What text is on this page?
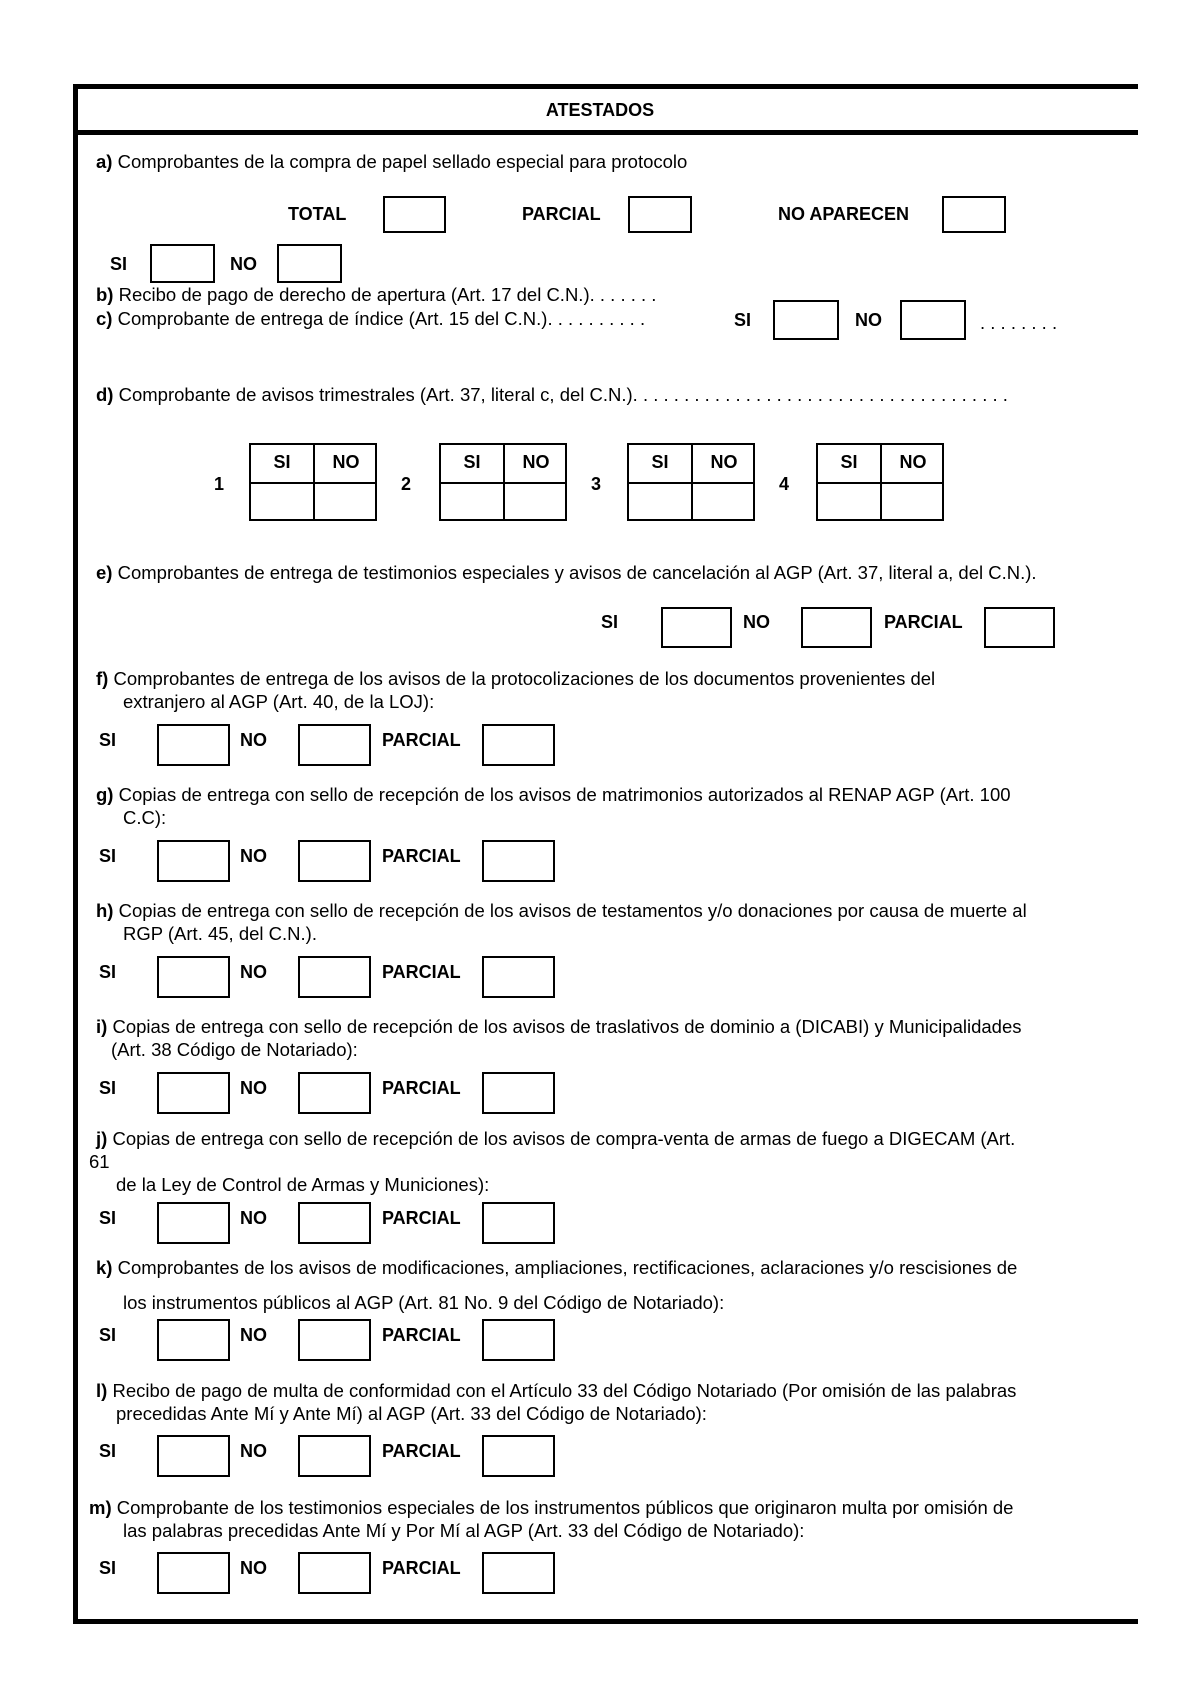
ATESTADOS
a) Comprobantes de la compra de papel sellado especial para protocolo
TOTAL	PARCIAL	NO APARECEN
SI	NO
b) Recibo de pago de derecho de apertura (Art. 17 del C.N.). . . . . . .
c) Comprobante de entrega de índice (Art. 15 del C.N.). . . . . . . . . .	SI	NO	. . . . . . . .
d) Comprobante de avisos trimestrales (Art. 37, literal c, del C.N.). . . . . . . . . . . . . . . . . . . . . . . . . . . . . . . . . . . . .
1
SI	NO
2
SI	NO
3
SI	NO
4
SI	NO
e) Comprobantes de entrega de testimonios especiales y avisos de cancelación al AGP (Art. 37, literal a, del C.N.).
SI	NO	PARCIAL
f) Comprobantes de entrega de los avisos de la protocolizaciones de los documentos provenientes del
extranjero al AGP (Art. 40, de la LOJ):
SI	NO	PARCIAL
g) Copias de entrega con sello de recepción de los avisos de matrimonios autorizados al RENAP AGP (Art. 100
C.C):
SI	NO	PARCIAL
h) Copias de entrega con sello de recepción de los avisos de testamentos y/o donaciones por causa de muerte al
RGP (Art. 45, del C.N.).
SI	NO	PARCIAL
i) Copias de entrega con sello de recepción de los avisos de traslativos de dominio a (DICABI) y Municipalidades
(Art. 38 Código de Notariado):
SI	NO	PARCIAL
j) Copias de entrega con sello de recepción de los avisos de compra-venta de armas de fuego a DIGECAM (Art.
61
de la Ley de Control de Armas y Municiones):
SI	NO	PARCIAL
k) Comprobantes de los avisos de modificaciones, ampliaciones, rectificaciones, aclaraciones y/o rescisiones de
los instrumentos públicos al AGP (Art. 81 No. 9 del Código de Notariado):
SI	NO	PARCIAL
l) Recibo de pago de multa de conformidad con el Artículo 33 del Código Notariado (Por omisión de las palabras
precedidas Ante Mí y Ante Mí) al AGP (Art. 33 del Código de Notariado):
SI	NO	PARCIAL
m) Comprobante de los testimonios especiales de los instrumentos públicos que originaron multa por omisión de
las palabras precedidas Ante Mí y Por Mí al AGP (Art. 33 del Código de Notariado):
SI	NO	PARCIAL
